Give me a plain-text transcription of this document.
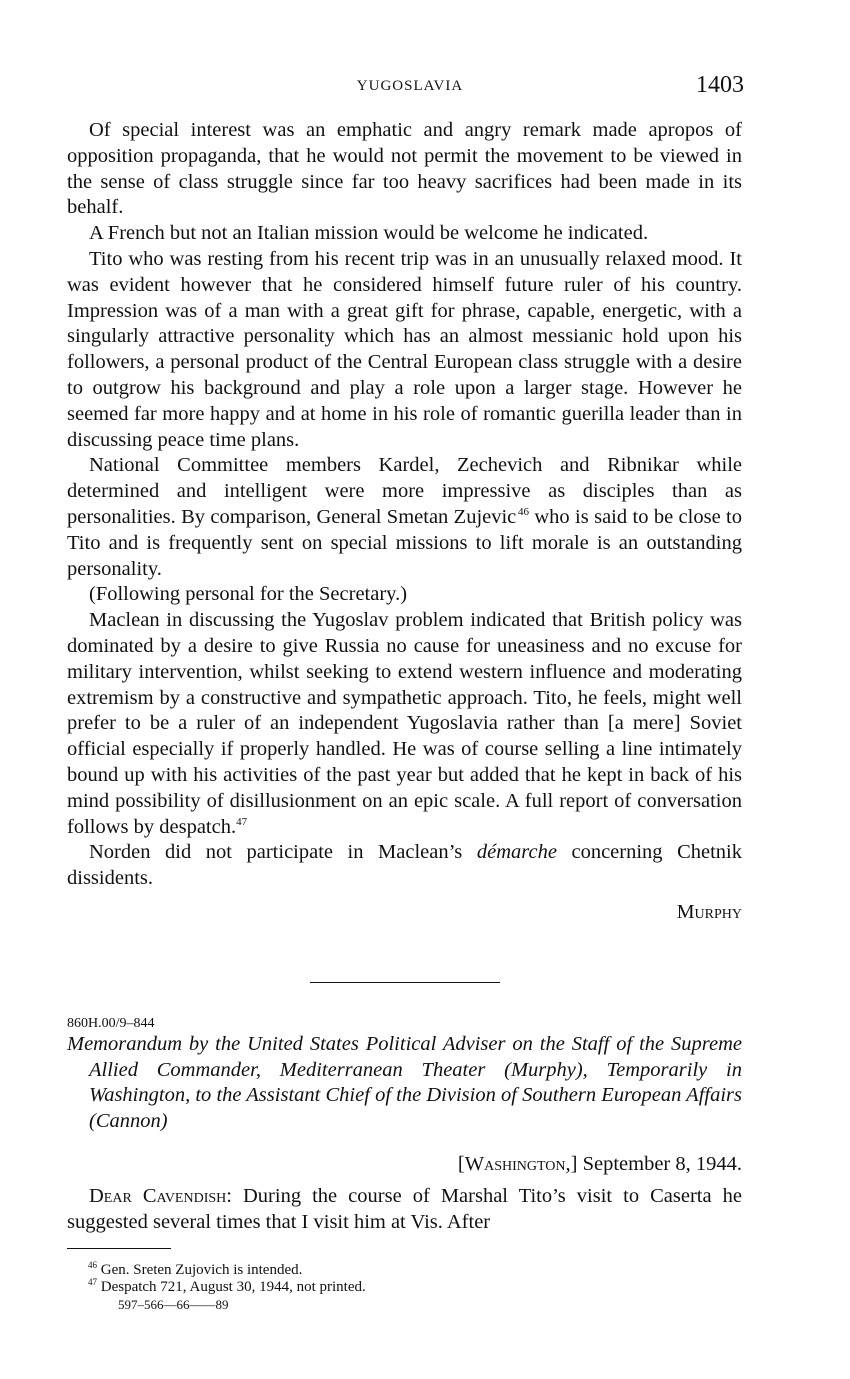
YUGOSLAVIA	1403

Of special interest was an emphatic and angry remark made apropos of opposition propaganda, that he would not permit the movement to be viewed in the sense of class struggle since far too heavy sacrifices had been made in its behalf.

A French but not an Italian mission would be welcome he indicated.

Tito who was resting from his recent trip was in an unusually relaxed mood. It was evident however that he considered himself future ruler of his country. Impression was of a man with a great gift for phrase, capable, energetic, with a singularly attractive personality which has an almost messianic hold upon his followers, a personal product of the Central European class struggle with a desire to outgrow his background and play a role upon a larger stage. However he seemed far more happy and at home in his role of romantic guerilla leader than in discussing peace time plans.

National Committee members Kardel, Zechevich and Ribnikar while determined and intelligent were more impressive as disciples than as personalities. By comparison, General Smetan Zujevic  $^{46}$ who is said to be close to Tito and is frequently sent on special missions to lift morale is an outstanding personality.

(Following personal for the Secretary.)

Maclean in discussing the Yugoslav problem indicated that British policy was dominated by a desire to give Russia no cause for uneasiness and no excuse for military intervention, whilst seeking to extend western influence and moderating extremism by a constructive and sympathetic approach. Tito, he feels, might well prefer to be a ruler of an independent Yugoslavia rather than [a mere] Soviet official especially if properly handled. He was of course selling a line intimately bound up with his activities of the past year but added that he kept in back of his mind possibility of disillusionment on an epic scale. A full report of conversation follows by despatch.$^{47}$

Norden did not participate in Maclean’s démarche concerning Chetnik dissidents.

Murphy
860H.00/9–844
Memorandum by the United States Political Adviser on the Staff of the Supreme Allied Commander, Mediterranean Theater (Murphy), Temporarily in Washington, to the Assistant Chief of the Division of Southern European Affairs (Cannon)
[Washington,] September 8, 1944.
Dear Cavendish: During the course of Marshal Tito’s visit to Caserta he suggested several times that I visit him at Vis. After
$^{46}$ Gen. Sreten Zujovich is intended.
$^{47}$ Despatch 721, August 30, 1944, not printed.
597–566—66——89
